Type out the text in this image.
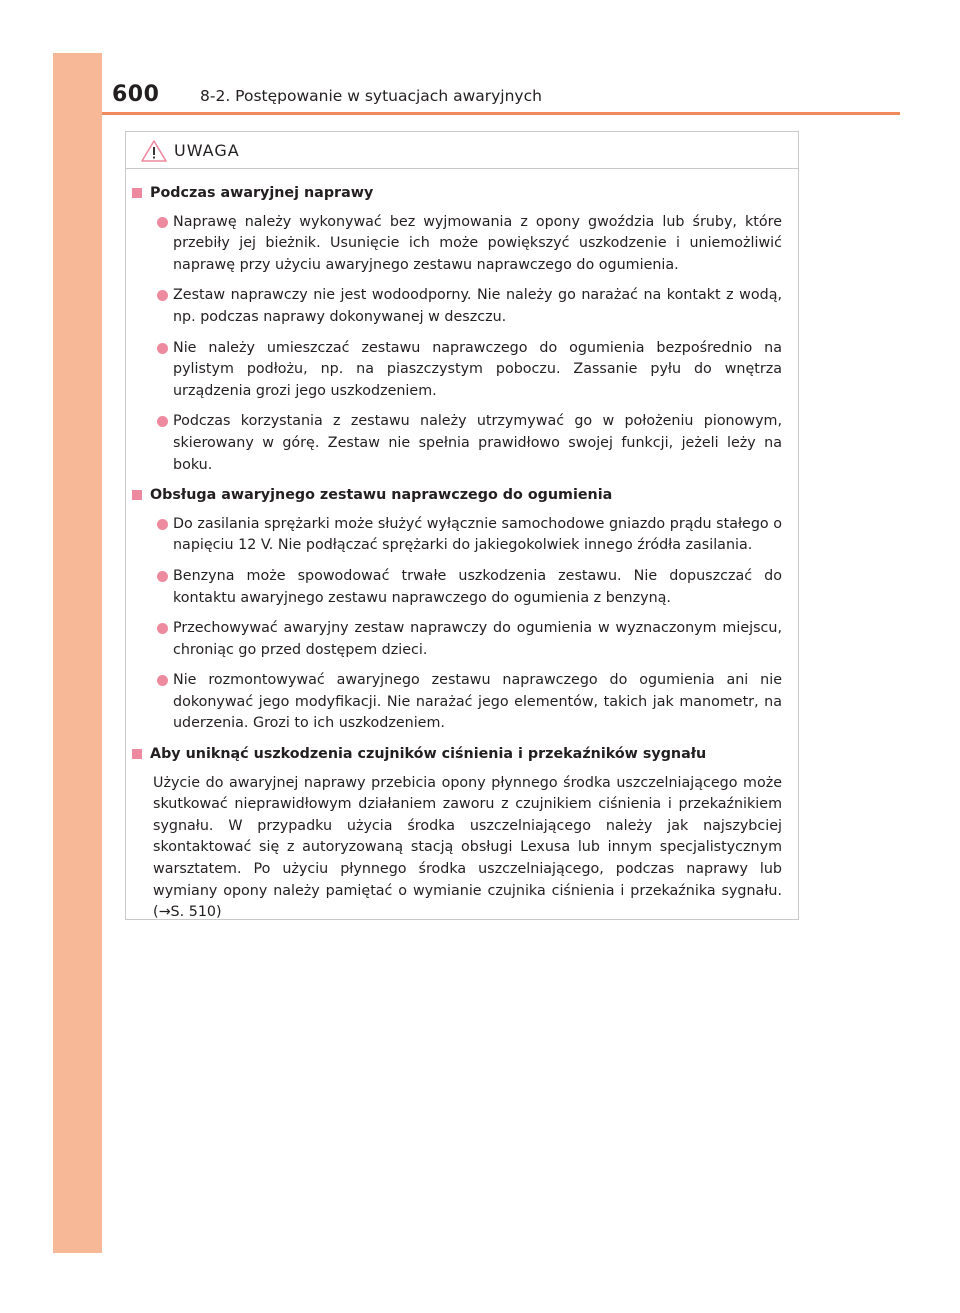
600	8-2. Postępowanie w sytuacjach awaryjnych
UWAGA
Podczas awaryjnej naprawy
Naprawę należy wykonywać bez wyjmowania z opony gwoździa lub śruby, które przebiły jej bieżnik. Usunięcie ich może powiększyć uszkodzenie i uniemożliwić naprawę przy użyciu awaryjnego zestawu naprawczego do ogumienia.
Zestaw naprawczy nie jest wodoodporny. Nie należy go narażać na kontakt z wodą, np. podczas naprawy dokonywanej w deszczu.
Nie należy umieszczać zestawu naprawczego do ogumienia bezpośrednio na pylistym podłożu, np. na piaszczystym poboczu. Zassanie pyłu do wnętrza urządzenia grozi jego uszkodzeniem.
Podczas korzystania z zestawu należy utrzymywać go w położeniu pionowym, skierowany w górę. Zestaw nie spełnia prawidłowo swojej funkcji, jeżeli leży na boku.
Obsługa awaryjnego zestawu naprawczego do ogumienia
Do zasilania sprężarki może służyć wyłącznie samochodowe gniazdo prądu stałego o napięciu 12 V. Nie podłączać sprężarki do jakiegokolwiek innego źródła zasilania.
Benzyna może spowodować trwałe uszkodzenia zestawu. Nie dopuszczać do kontaktu awaryjnego zestawu naprawczego do ogumienia z benzyną.
Przechowywać awaryjny zestaw naprawczy do ogumienia w wyznaczonym miejscu, chroniąc go przed dostępem dzieci.
Nie rozmontowywać awaryjnego zestawu naprawczego do ogumienia ani nie dokonywać jego modyfikacji. Nie narażać jego elementów, takich jak manometr, na uderzenia. Grozi to ich uszkodzeniem.
Aby uniknąć uszkodzenia czujników ciśnienia i przekaźników sygnału
Użycie do awaryjnej naprawy przebicia opony płynnego środka uszczelniającego może skutkować nieprawidłowym działaniem zaworu z czujnikiem ciśnienia i przekaźnikiem sygnału. W przypadku użycia środka uszczelniającego należy jak najszybciej skontaktować się z autoryzowaną stacją obsługi Lexusa lub innym specjalistycznym warsztatem. Po użyciu płynnego środka uszczelniającego, podczas naprawy lub wymiany opony należy pamiętać o wymianie czujnika ciśnienia i przekaźnika sygnału. (→S. 510)
